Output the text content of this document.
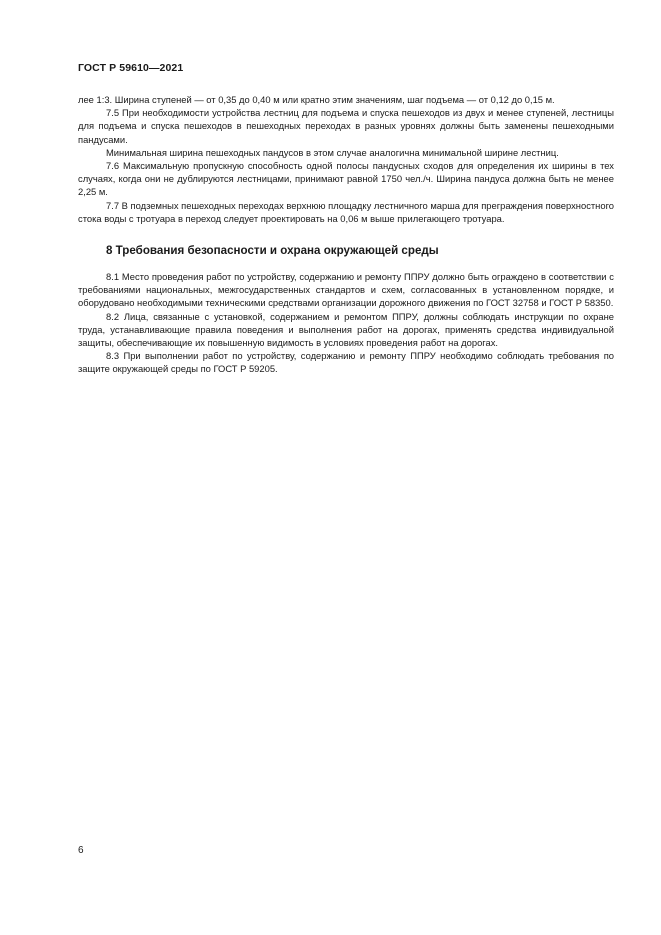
ГОСТ Р 59610—2021

лее 1:3. Ширина ступеней — от 0,35 до 0,40 м или кратно этим значениям, шаг подъема — от 0,12 до 0,15 м.

7.5 При необходимости устройства лестниц для подъема и спуска пешеходов из двух и менее ступеней, лестницы для подъема и спуска пешеходов в пешеходных переходах в разных уровнях должны быть заменены пешеходными пандусами.

Минимальная ширина пешеходных пандусов в этом случае аналогична минимальной ширине лестниц.

7.6 Максимальную пропускную способность одной полосы пандусных сходов для определения их ширины в тех случаях, когда они не дублируются лестницами, принимают равной 1750 чел./ч. Ширина пандуса должна быть не менее 2,25 м.

7.7 В подземных пешеходных переходах верхнюю площадку лестничного марша для преграждения поверхностного стока воды с тротуара в переход следует проектировать на 0,06 м выше прилегающего тротуара.

8 Требования безопасности и охрана окружающей среды

8.1 Место проведения работ по устройству, содержанию и ремонту ППРУ должно быть ограждено в соответствии с требованиями национальных, межгосударственных стандартов и схем, согласованных в установленном порядке, и оборудовано необходимыми техническими средствами организации дорожного движения по ГОСТ 32758 и ГОСТ Р 58350.

8.2 Лица, связанные с установкой, содержанием и ремонтом ППРУ, должны соблюдать инструкции по охране труда, устанавливающие правила поведения и выполнения работ на дорогах, применять средства индивидуальной защиты, обеспечивающие их повышенную видимость в условиях проведения работ на дорогах.

8.3 При выполнении работ по устройству, содержанию и ремонту ППРУ необходимо соблюдать требования по защите окружающей среды по ГОСТ Р 59205.

6
